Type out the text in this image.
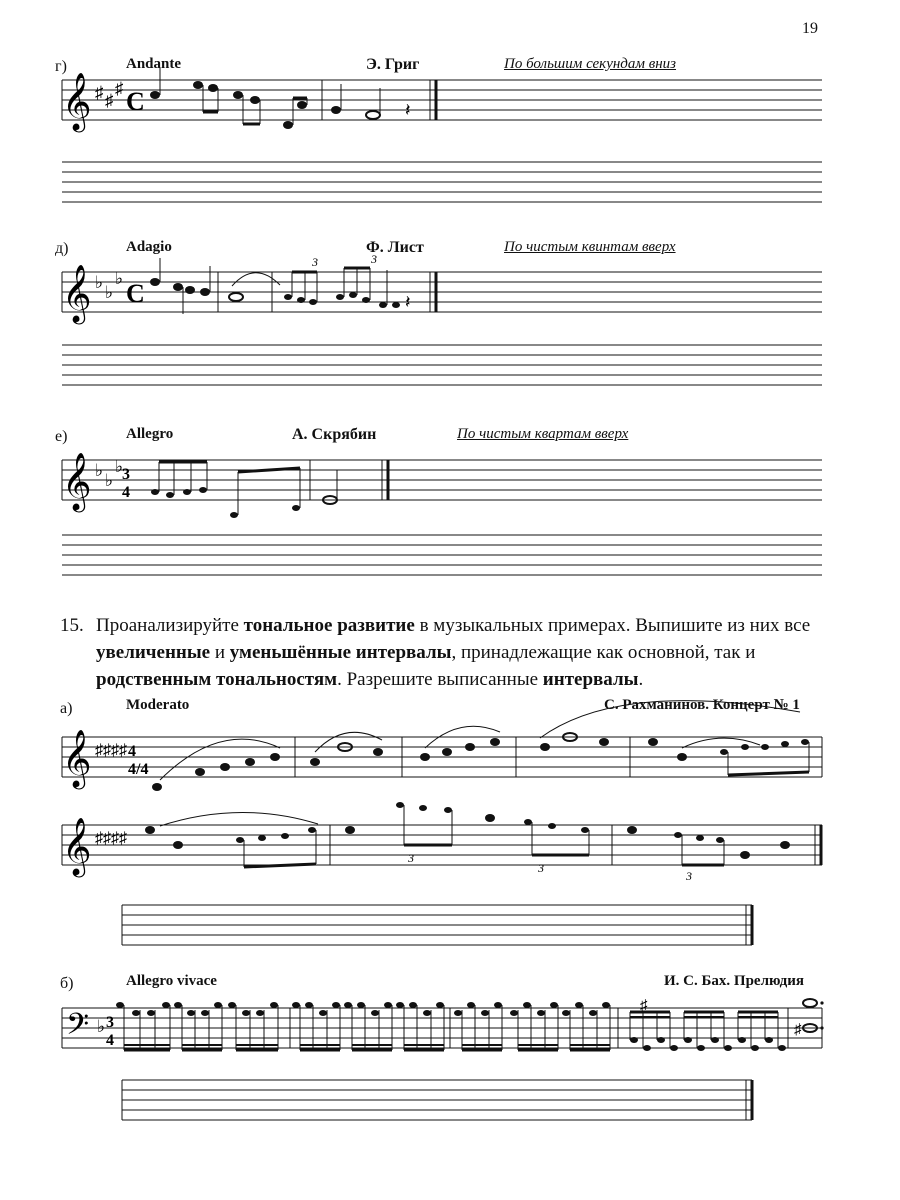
19
г)	Andante	Э. Григ	По большим секундам вниз
д)	Adagio	Ф. Лист	По чистым квинтам вверх
е)	Allegro	А. Скрябин	По чистым квартам вверх
15. Проанализируйте тональное развитие в музыкальных примерах. Выпишите из них все увеличенные и уменьшённые интервалы, принадлежащие как основной, так и родственным тональностям. Разрешите выписанные интервалы.
а)	Moderato	С. Рахманинов. Концерт № 1
б)	Allegro vivace	И. С. Бах. Прелюдия
𝄞 ♯ ♯
♯ C	𝄽
𝄞 ♭
♭
♭
C
3	3
𝄽
𝄞 ♭
♭
♭
3
4
𝄞 ♯♯♯♯ 4
4/4
𝄞 ♯♯♯♯
3
3
3
𝄢 ♭ 3
4
♯
♯
